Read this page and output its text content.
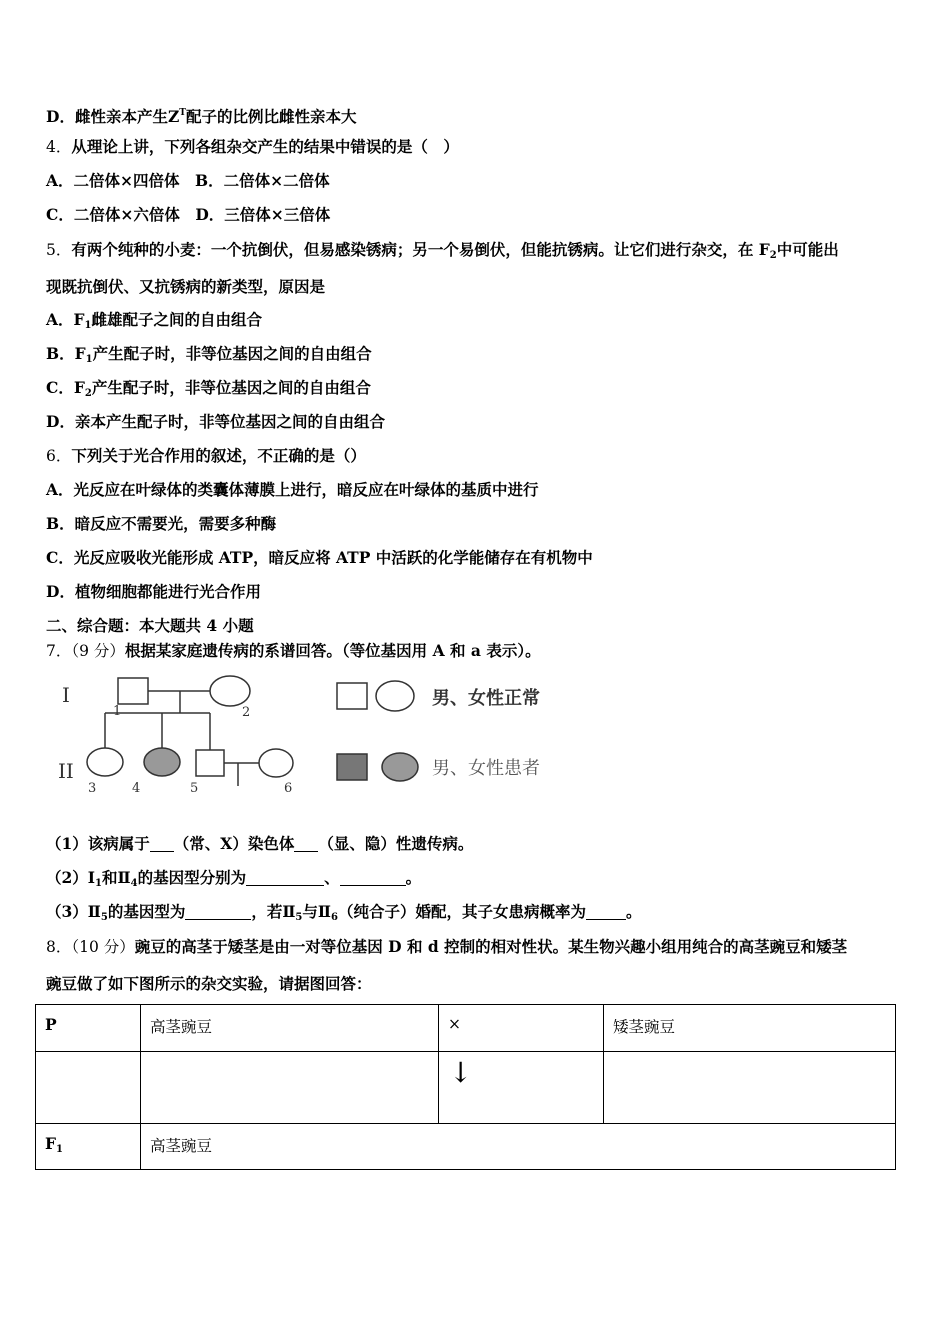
D．雌性亲本产生$Z^T$配子的比例比雌性亲本大
4．从理论上讲，下列各组杂交产生的结果中错误的是（　）
A．二倍体×四倍体　B．二倍体×二倍体
C．二倍体×六倍体　D．三倍体×三倍体
5．有两个纯种的小麦：一个抗倒伏，但易感染锈病；另一个易倒伏，但能抗锈病。让它们进行杂交，在 $F_2$中可能出
现既抗倒伏、又抗锈病的新类型，原因是
A．$F_1$雌雄配子之间的自由组合
B．$F_1$产生配子时，非等位基因之间的自由组合
C．$F_2$产生配子时，非等位基因之间的自由组合
D．亲本产生配子时，非等位基因之间的自由组合
6．下列关于光合作用的叙述，不正确的是（）
A．光反应在叶绿体的类囊体薄膜上进行，暗反应在叶绿体的基质中进行
B．暗反应不需要光，需要多种酶
C．光反应吸收光能形成 ATP，暗反应将 ATP 中活跃的化学能储存在有机物中
D．植物细胞都能进行光合作用
二、综合题：本大题共 4 小题
7．（9 分）根据某家庭遗传病的系谱回答。（等位基因用 A 和 a 表示）。
I
II
1	2
3	4	5	6
男、女性正常
男、女性患者
（1）该病属于 （常、X）染色体 （显、隐）性遗传病。
$(2)Ⅰ_1$和$Ⅱ_4$的基因型分别为	、	。
$(3)Ⅱ_5$的基因型为	，若$Ⅱ_5$与$Ⅱ_6$（纯合子）婚配，其子女患病概率为	。
8．（10 分）豌豆的高茎于矮茎是由一对等位基因 D 和 d 控制的相对性状。某生物兴趣小组用纯合的高茎豌豆和矮茎
豌豆做了如下图所示的杂交实验，请据图回答：
P	高茎豌豆	×	矮茎豌豆
		↓	
$F_1$	高茎豌豆		
